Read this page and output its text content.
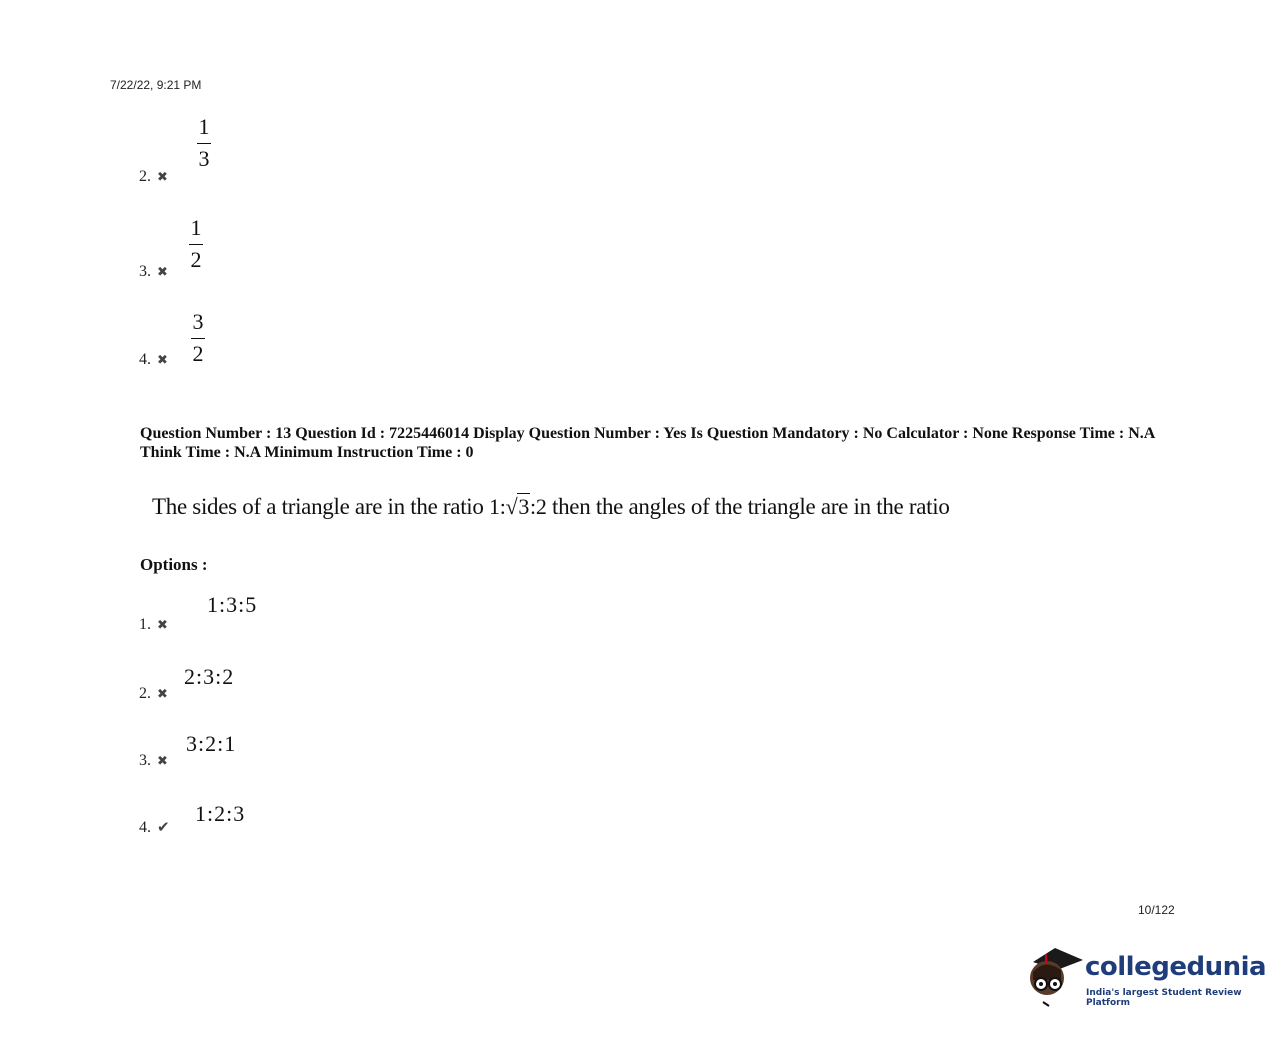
7/22/22, 9:21 PM
1
3
2. ✖
1
2
3. ✖
3
2
4. ✖
Question Number : 13 Question Id : 7225446014 Display Question Number : Yes Is Question Mandatory : No Calculator : None Response Time : N.A Think Time : N.A Minimum Instruction Time : 0
The sides of a triangle are in the ratio 1:√3:2 then the angles of the triangle are in the ratio
Options :
1:3:5
1. ✖
2:3:2
2. ✖
3:2:1
3. ✖
1:2:3
4. ✔
10/122
collegedunia
India's largest Student Review Platform
